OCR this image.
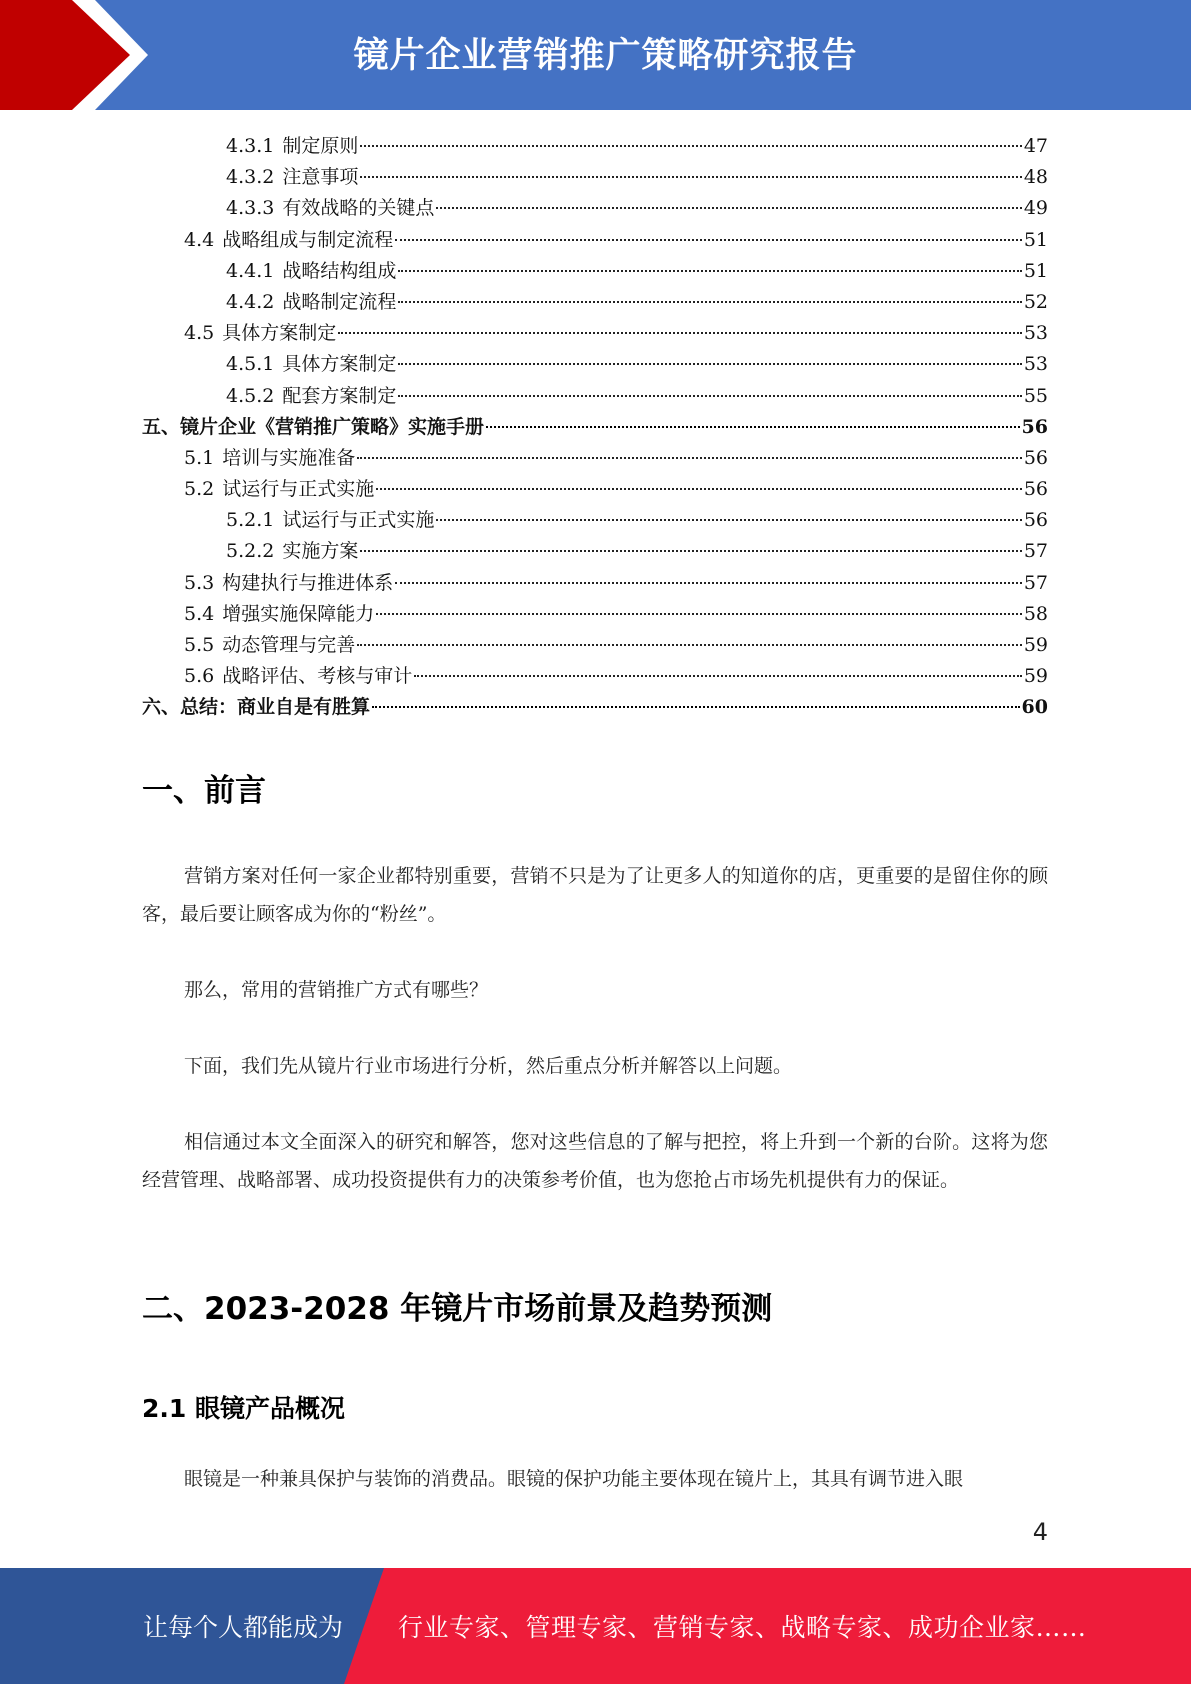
镜片企业营销推广策略研究报告
4.3.1 制定原则	47
4.3.2 注意事项	48
4.3.3 有效战略的关键点	49
4.4 战略组成与制定流程	51
4.4.1 战略结构组成	51
4.4.2 战略制定流程	52
4.5 具体方案制定	53
4.5.1 具体方案制定	53
4.5.2 配套方案制定	55
五、镜片企业《营销推广策略》实施手册	56
5.1 培训与实施准备	56
5.2 试运行与正式实施	56
5.2.1 试运行与正式实施	56
5.2.2 实施方案	57
5.3 构建执行与推进体系	57
5.4 增强实施保障能力	58
5.5 动态管理与完善	59
5.6 战略评估、考核与审计	59
六、总结：商业自是有胜算	60
一、前言

营销方案对任何一家企业都特别重要，营销不只是为了让更多人的知道你的店，更重要的是留住你的顾客，最后要让顾客成为你的“粉丝”。

那么，常用的营销推广方式有哪些？

下面，我们先从镜片行业市场进行分析，然后重点分析并解答以上问题。

相信通过本文全面深入的研究和解答，您对这些信息的了解与把控，将上升到一个新的台阶。这将为您经营管理、战略部署、成功投资提供有力的决策参考价值，也为您抢占市场先机提供有力的保证。

二、2023-2028 年镜片市场前景及趋势预测
2.1 眼镜产品概况

眼镜是一种兼具保护与装饰的消费品。眼镜的保护功能主要体现在镜片上，其具有调节进入眼

4
让每个人都能成为 行业专家、管理专家、营销专家、战略专家、成功企业家……
